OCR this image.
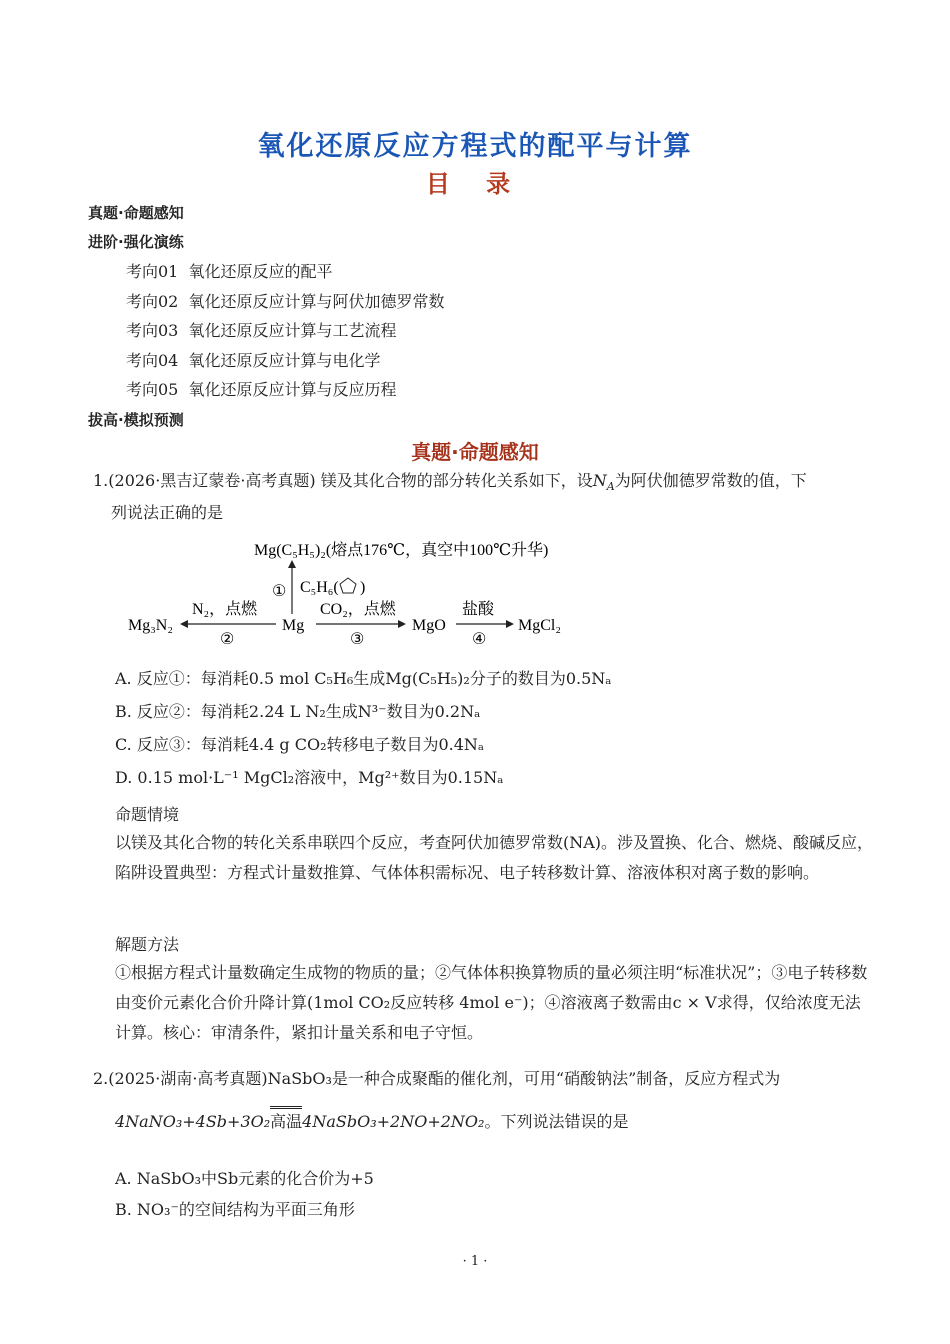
氧化还原反应方程式的配平与计算
目 录
真题·命题感知
进阶·强化演练
考向01 氧化还原反应的配平
考向02 氧化还原反应计算与阿伏加德罗常数
考向03 氧化还原反应计算与工艺流程
考向04 氧化还原反应计算与电化学
考向05 氧化还原反应计算与反应历程
拔高·模拟预测
真题·命题感知
1.(2026·黑吉辽蒙卷·高考真题) 镁及其化合物的部分转化关系如下，设$N_A$为阿伏伽德罗常数的值，下
列说法正确的是
Mg(C₅H₅)₂(熔点176℃，真空中100℃升华)
① C₅H₆( )
Mg₃N₂
N₂，点燃
②
Mg
CO₂，点燃
③
MgO
盐酸
④
MgCl₂
A. 反应①：每消耗0.5 mol C₅H₆生成Mg(C₅H₅)₂分子的数目为0.5Nₐ
B. 反应②：每消耗2.24 L N₂生成N³⁻数目为0.2Nₐ
C. 反应③：每消耗4.4 g CO₂转移电子数目为0.4Nₐ
D. 0.15 mol·L⁻¹ MgCl₂溶液中，Mg²⁺数目为0.15Nₐ
命题情境
以镁及其化合物的转化关系串联四个反应，考查阿伏加德罗常数(NA)。涉及置换、化合、燃烧、酸碱反应，陷阱设置典型：方程式计量数推算、气体体积需标况、电子转移数计算、溶液体积对离子数的影响。
解题方法
①根据方程式计量数确定生成物的物质的量；②气体体积换算物质的量必须注明“标准状况”；③电子转移数由变价元素化合价升降计算(1mol CO₂反应转移 4mol e⁻)；④溶液离子数需由c × V求得，仅给浓度无法计算。核心：审清条件，紧扣计量关系和电子守恒。
2.(2025·湖南·高考真题)NaSbO₃是一种合成聚酯的催化剂，可用“硝酸钠法”制备，反应方程式为
4NaNO₃+4Sb+3O₂高温4NaSbO₃+2NO+2NO₂。下列说法错误的是
A. NaSbO₃中Sb元素的化合价为+5
B. NO₃⁻的空间结构为平面三角形
· 1 ·
